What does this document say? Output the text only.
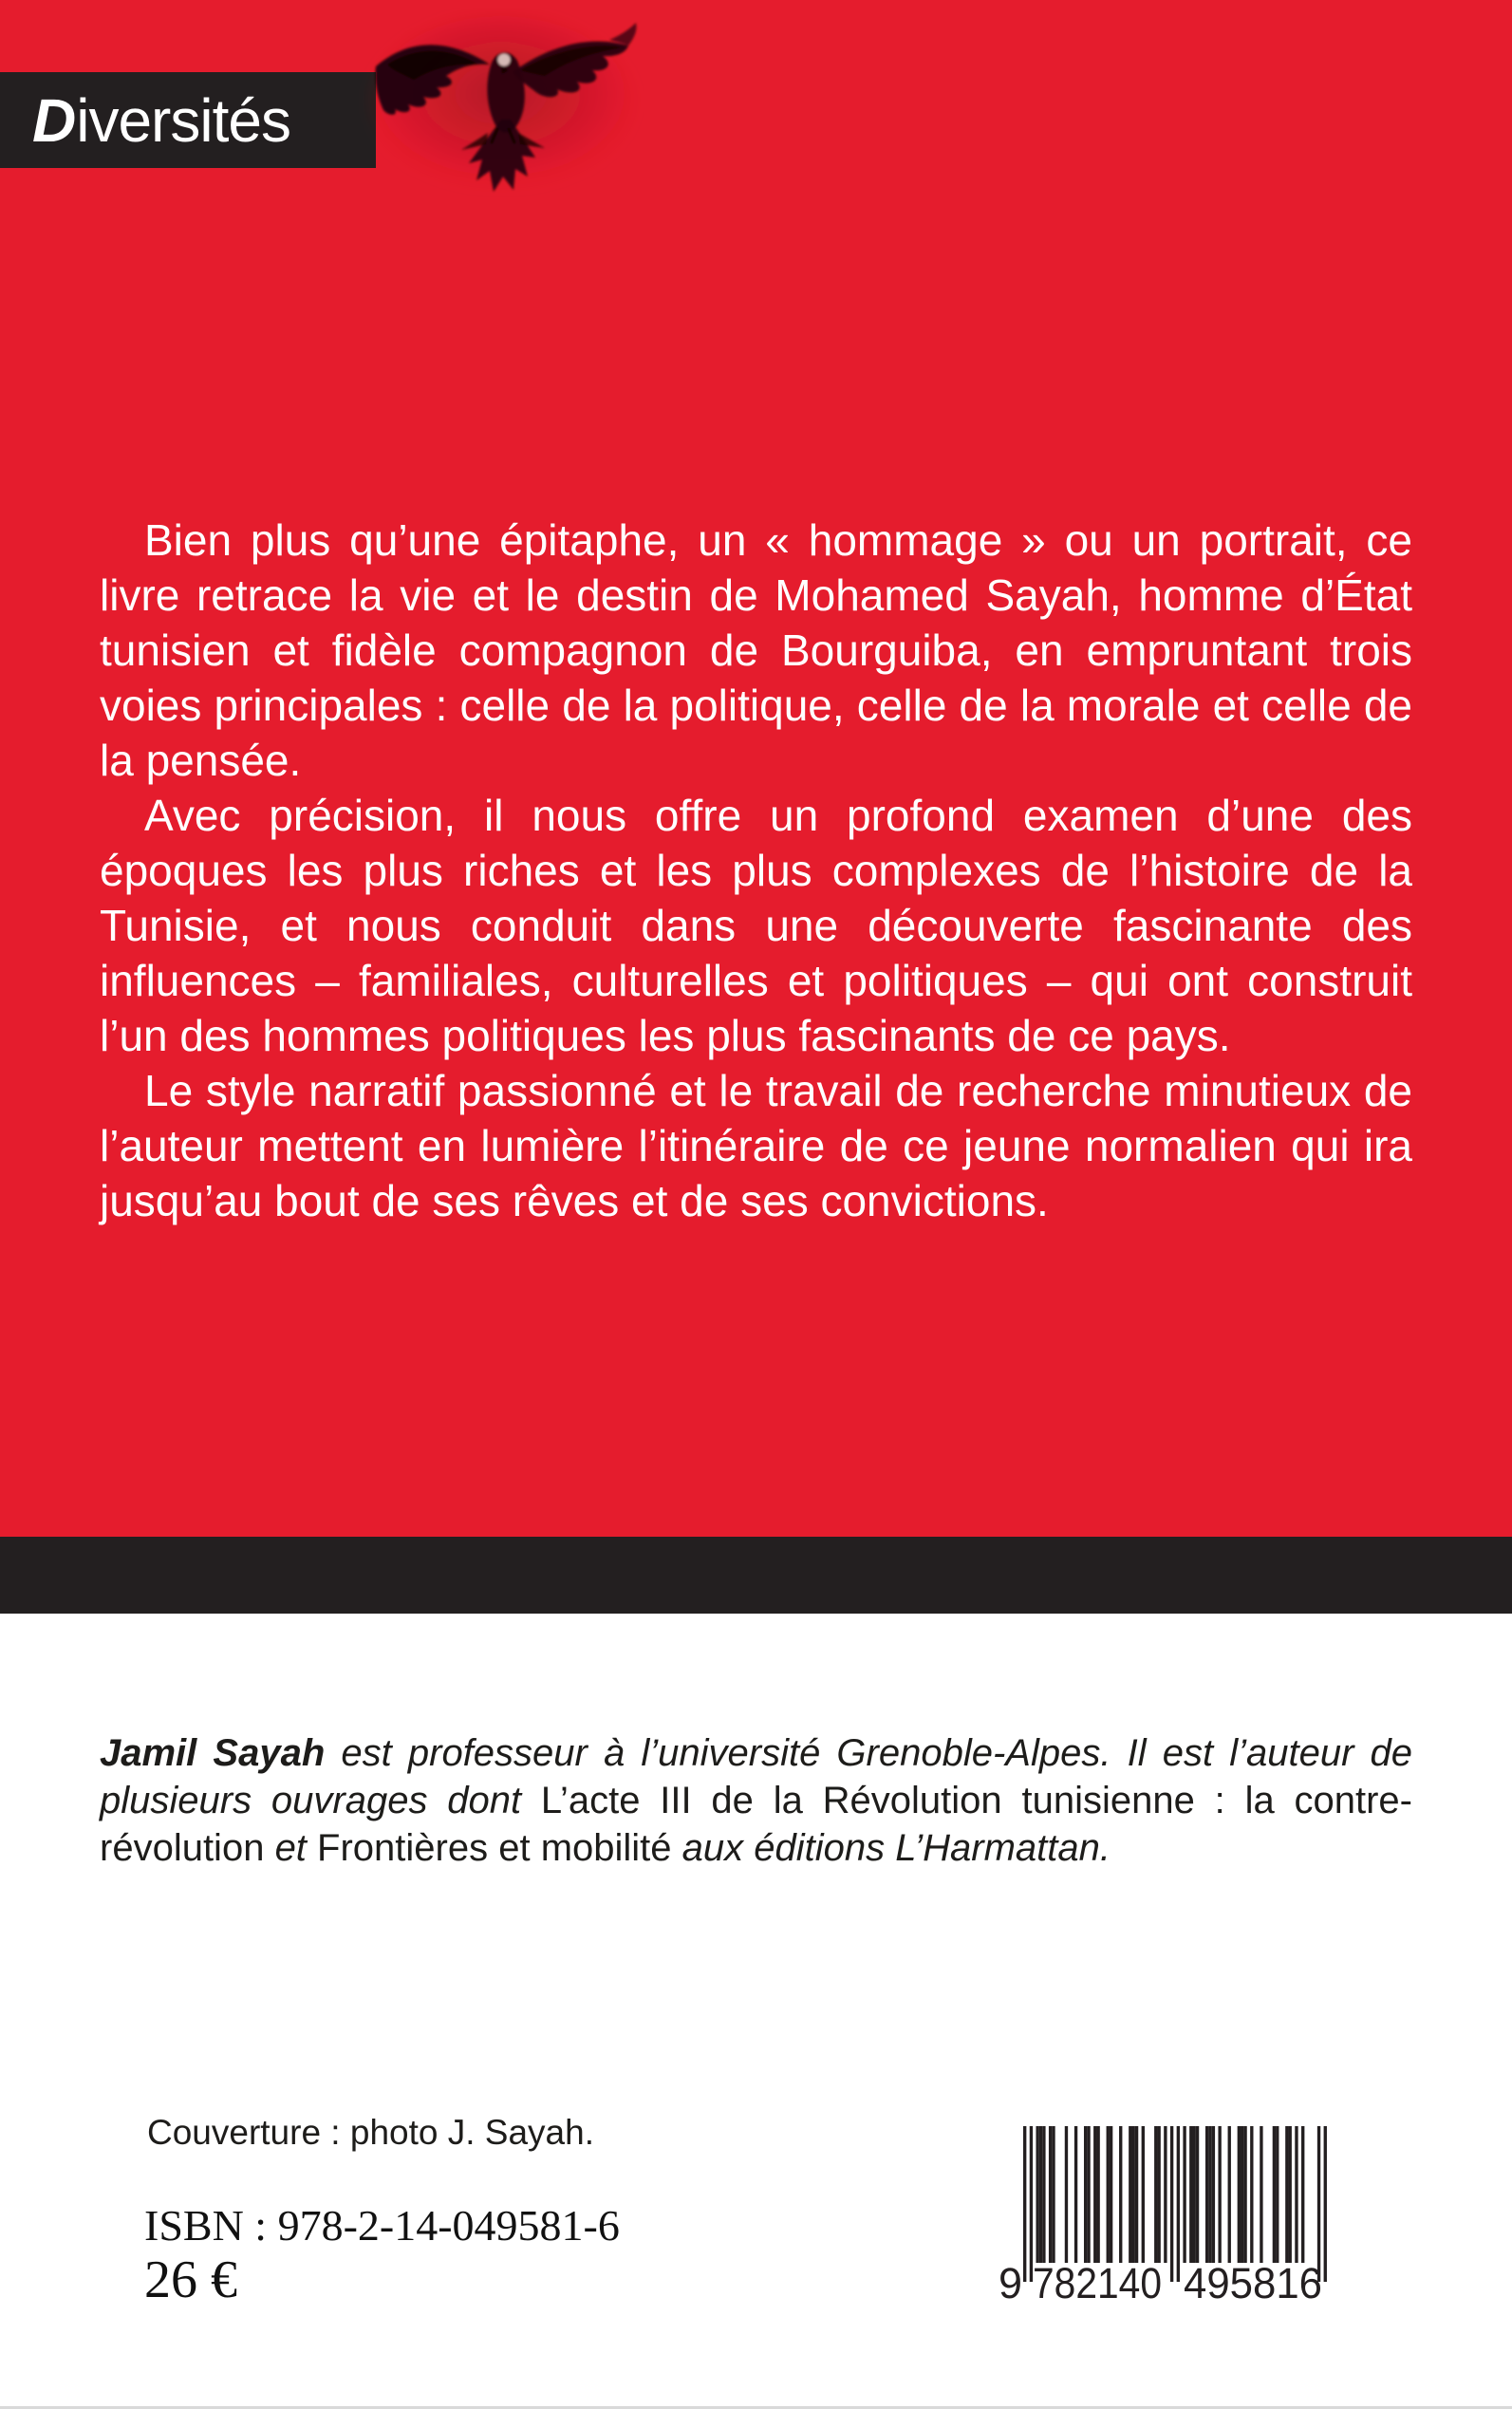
Diversités

Bien plus qu’une épitaphe, un « hommage » ou un portrait, ce livre retrace la vie et le destin de Mohamed Sayah, homme d’État tunisien et fidèle compagnon de Bourguiba, en empruntant trois voies principales : celle de la politique, celle de la morale et celle de la pensée.

Avec précision, il nous offre un profond examen d’une des époques les plus riches et les plus complexes de l’histoire de la Tunisie, et nous conduit dans une découverte fascinante des influences – familiales, culturelles et politiques – qui ont construit l’un des hommes politiques les plus fascinants de ce pays.

Le style narratif passionné et le travail de recherche minutieux de l’auteur mettent en lumière l’itinéraire de ce jeune normalien qui ira jusqu’au bout de ses rêves et de ses convictions.

Jamil Sayah est professeur à l’université Grenoble-Alpes. Il est l’auteur de plusieurs ouvrages dont L’acte III de la Révolution tunisienne : la contre-révolution et Frontières et mobilité aux éditions L’Harmattan.

Couverture : photo J. Sayah.
ISBN : 978-2-14-049581-6
26 €	9 782140 495816
